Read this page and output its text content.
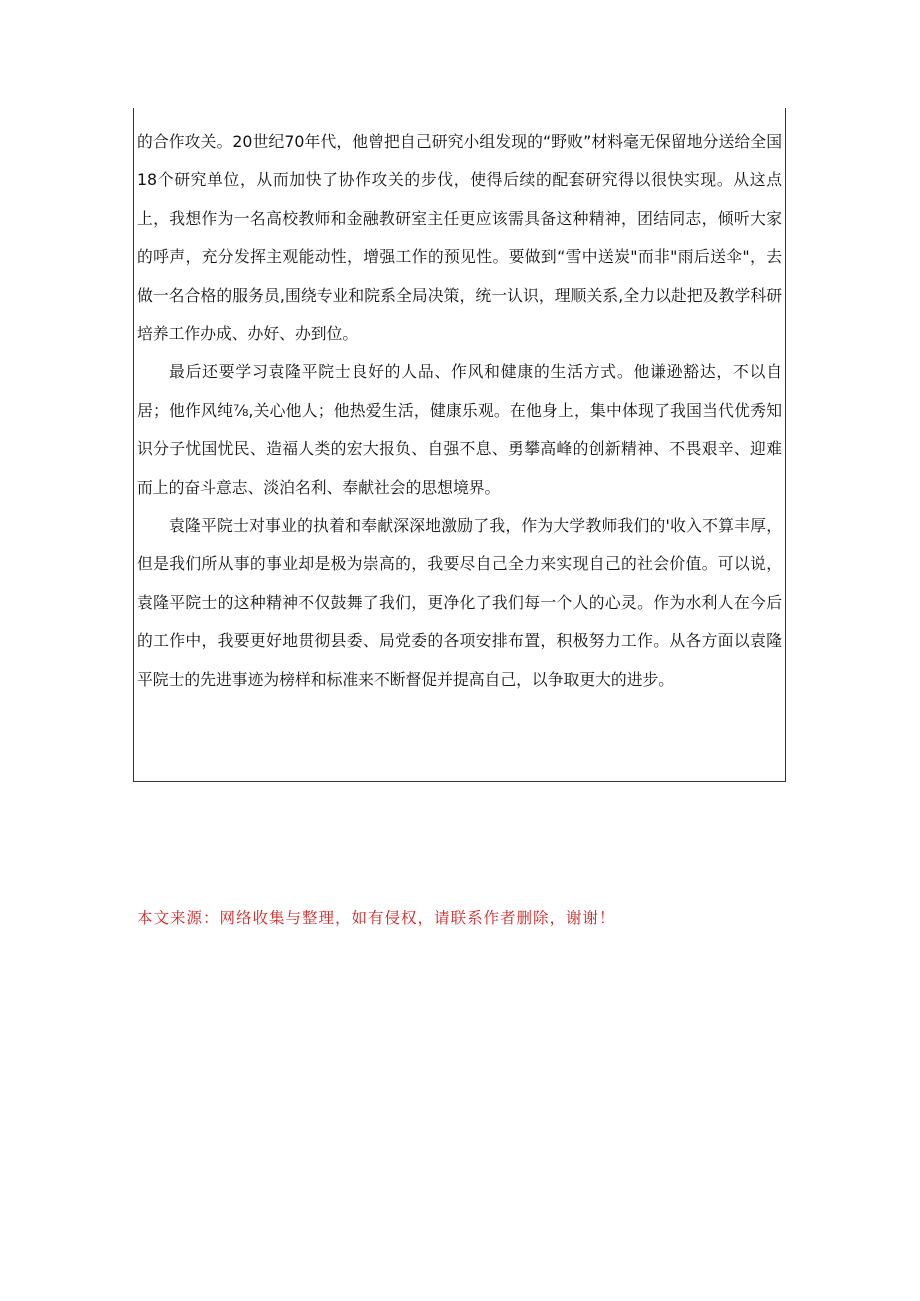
的合作攻关。20世纪70年代，他曾把自己研究小组发现的“野败”材料毫无保留地分送给全国18个研究单位，从而加快了协作攻关的步伐，使得后续的配套研究得以很快实现。从这点上，我想作为一名高校教师和金融教研室主任更应该需具备这种精神，团结同志，倾听大家的呼声，充分发挥主观能动性，增强工作的预见性。要做到“雪中送炭"而非"雨后送伞"，去做一名合格的服务员,围绕专业和院系全局决策，统一认识，理顺关系,全力以赴把及教学科研培养工作办成、办好、办到位。

最后还要学习袁隆平院士良好的人品、作风和健康的生活方式。他谦逊豁达，不以自居；他作风纯⅞,关心他人；他热爱生活，健康乐观。在他身上，集中体现了我国当代优秀知识分子忧国忧民、造福人类的宏大报负、自强不息、勇攀高峰的创新精神、不畏艰辛、迎难而上的奋斗意志、淡泊名利、奉献社会的思想境界。

袁隆平院士对事业的执着和奉献深深地激励了我，作为大学教师我们的'收入不算丰厚，但是我们所从事的事业却是极为崇高的，我要尽自己全力来实现自己的社会价值。可以说，袁隆平院士的这种精神不仅鼓舞了我们，更净化了我们每一个人的心灵。作为水利人在今后的工作中，我要更好地贯彻县委、局党委的各项安排布置，积极努力工作。从各方面以袁隆平院士的先进事迹为榜样和标准来不断督促并提高自己，以争取更大的进步。

本文来源：网络收集与整理，如有侵权，请联系作者删除，谢谢！
